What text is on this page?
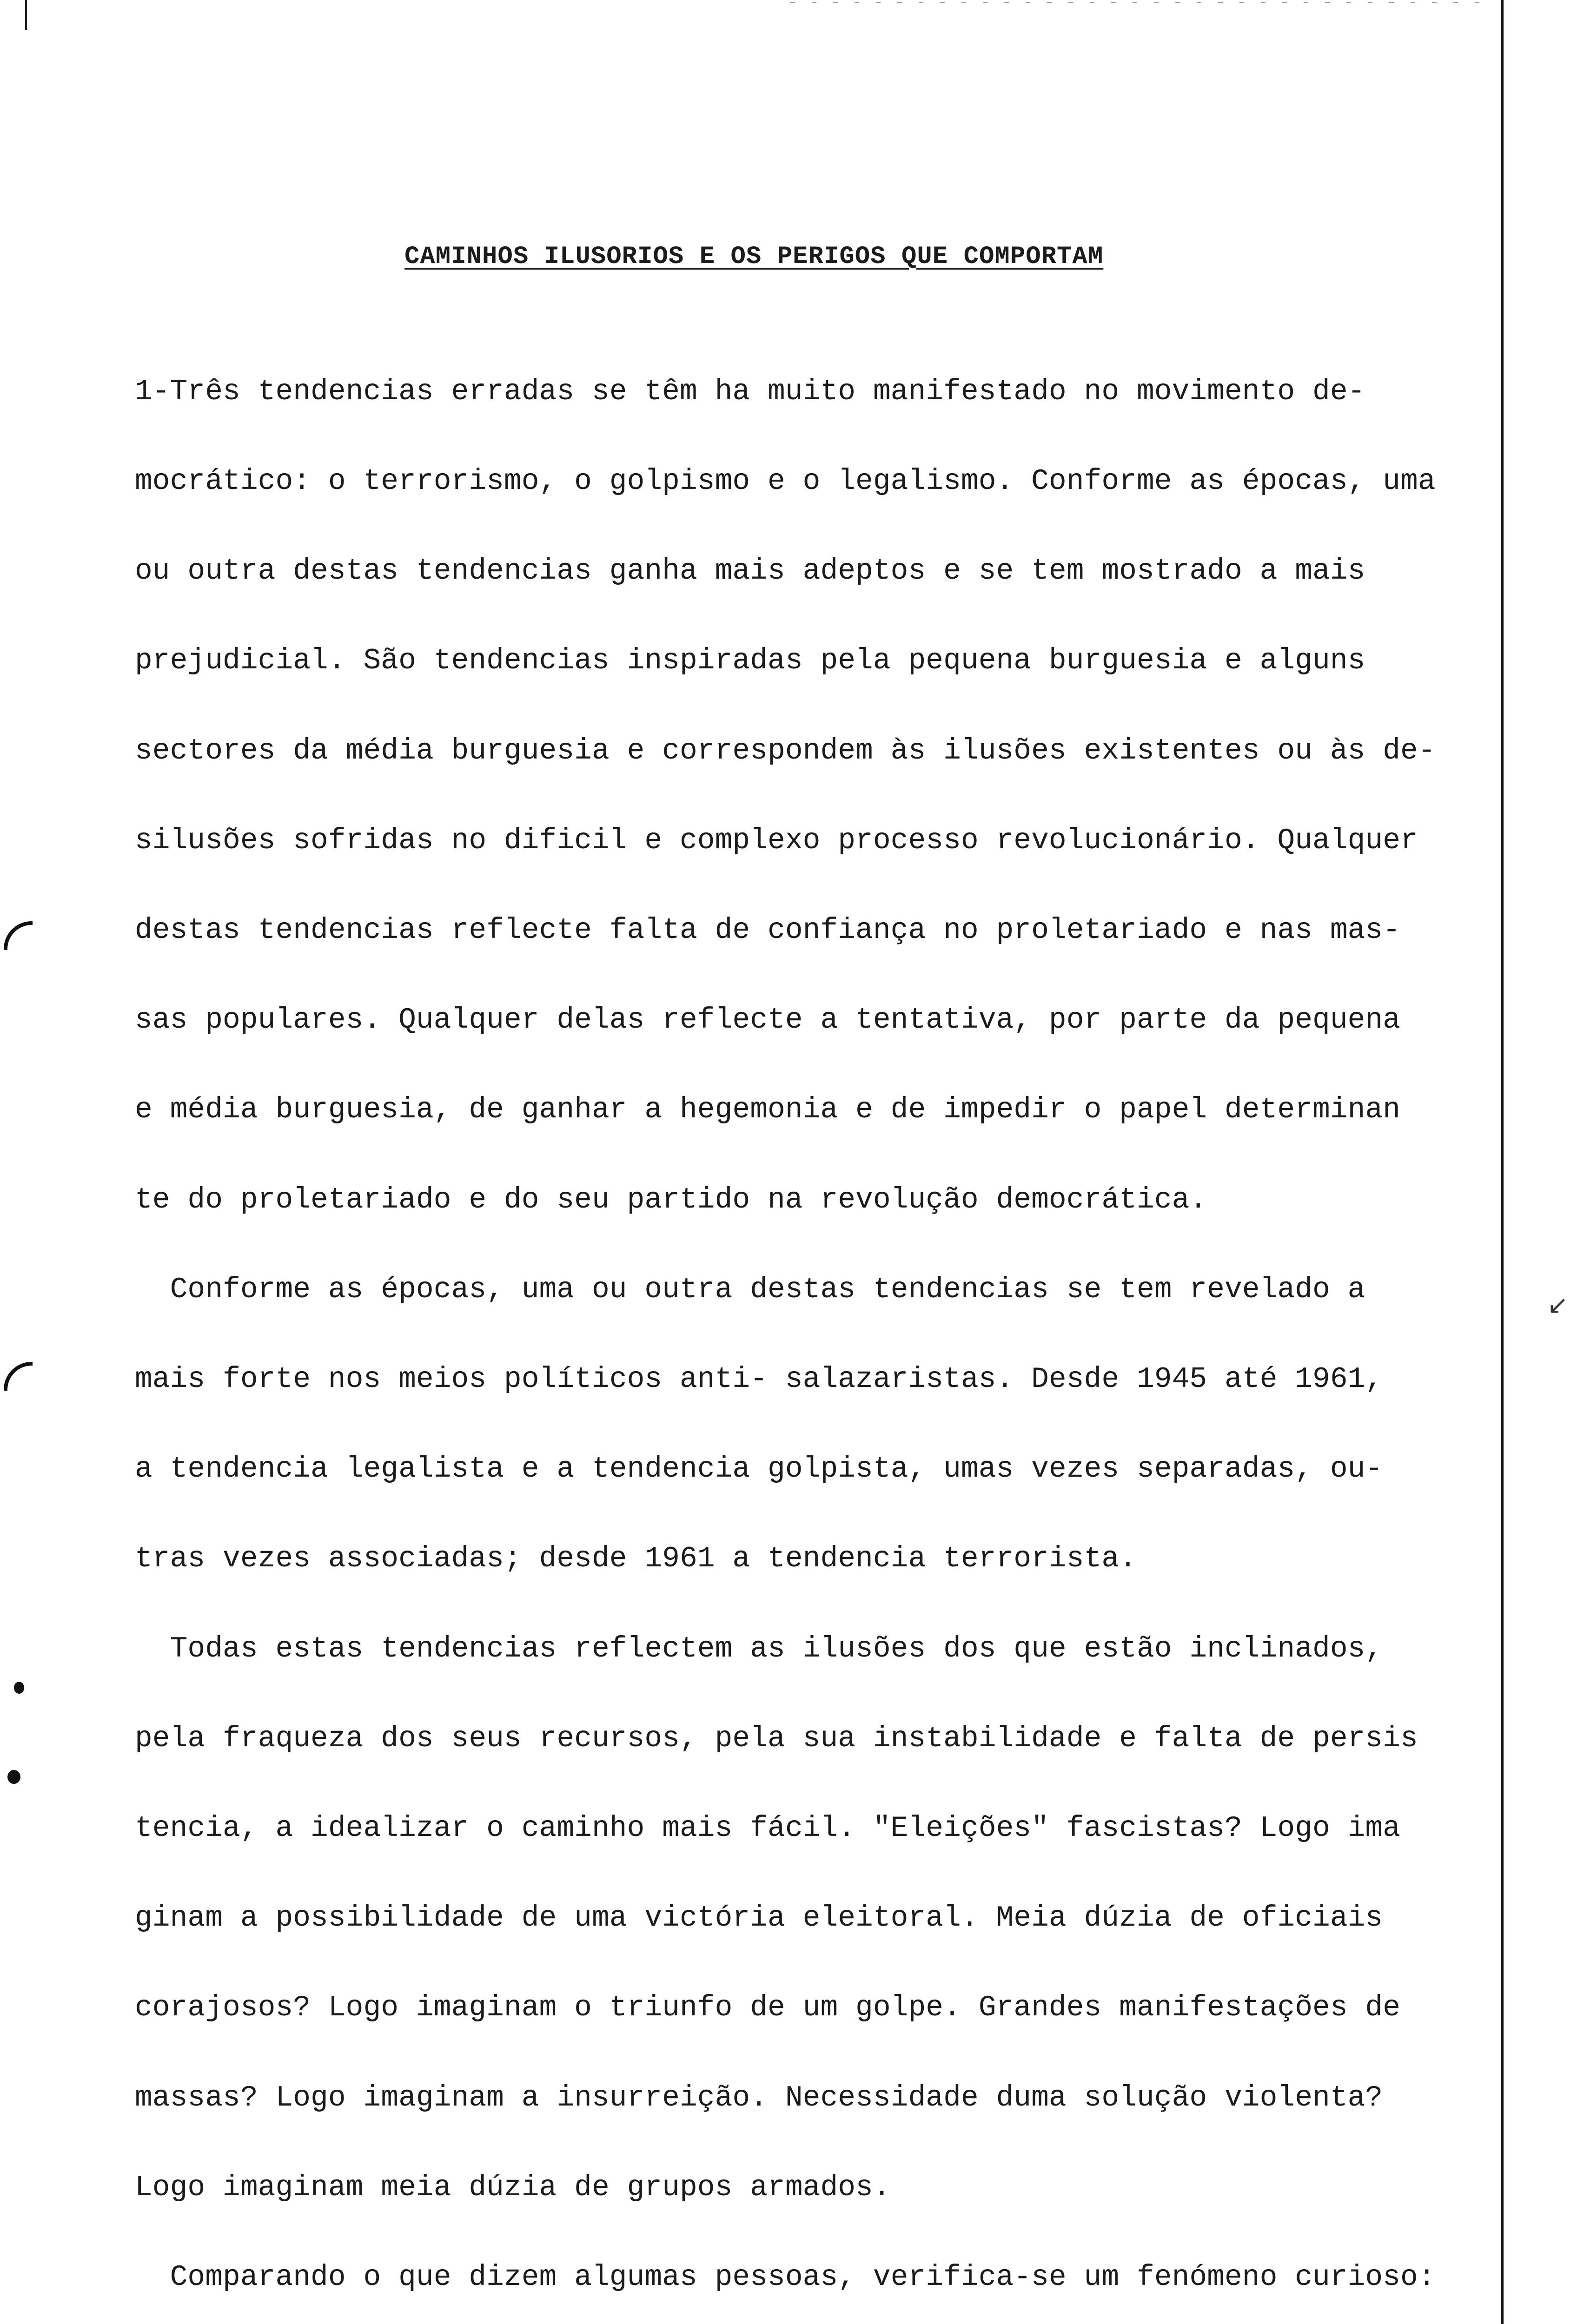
↙
CAMINHOS ILUSORIOS E OS PERIGOS QUE COMPORTAM

1-Três tendencias erradas se têm ha muito manifestado no movimento de-

mocrático: o terrorismo, o golpismo e o legalismo. Conforme as épocas, uma

ou outra destas tendencias ganha mais adeptos e se tem mostrado a mais

prejudicial. São tendencias inspiradas pela pequena burguesia e alguns

sectores da média burguesia e correspondem às ilusões existentes ou às de-

silusões sofridas no dificil e complexo processo revolucionário. Qualquer

destas tendencias reflecte falta de confiança no proletariado e nas mas-

sas populares. Qualquer delas reflecte a tentativa, por parte da pequena

e média burguesia, de ganhar a hegemonia e de impedir o papel determinan

te do proletariado e do seu partido na revolução democrática.

Conforme as épocas, uma ou outra destas tendencias se tem revelado a

mais forte nos meios políticos anti- salazaristas. Desde 1945 até 1961,

a tendencia legalista e a tendencia golpista, umas vezes separadas, ou-

tras vezes associadas; desde 1961 a tendencia terrorista.

Todas estas tendencias reflectem as ilusões dos que estão inclinados,

pela fraqueza dos seus recursos, pela sua instabilidade e falta de persis

tencia, a idealizar o caminho mais fácil. "Eleições" fascistas? Logo ima

ginam a possibilidade de uma victória eleitoral. Meia dúzia de oficiais

corajosos? Logo imaginam o triunfo de um golpe. Grandes manifestações de

massas? Logo imaginam a insurreição. Necessidade duma solução violenta?

Logo imaginam meia dúzia de grupos armados.

Comparando o que dizem algumas pessoas, verifica-se um fenómeno curioso:
